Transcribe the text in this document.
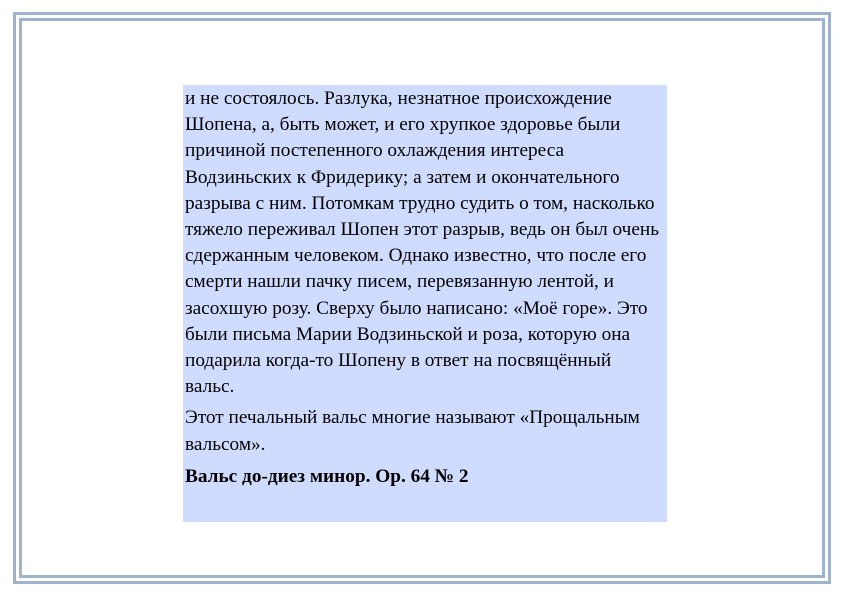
и не состоялось. Разлука, незнатное происхождение Шопена, а, быть может, и его хрупкое здоровье были причиной постепенного охлаждения интереса Водзиньских к Фридерику; а затем и окончательного разрыва с ним. Потомкам трудно судить о том, насколько тяжело переживал Шопен этот разрыв, ведь он был очень сдержанным человеком. Однако известно, что после его смерти нашли пачку писем, перевязанную лентой, и засохшую розу. Сверху было написано: «Моё горе». Это были письма Марии Водзиньской и роза, которую она подарила когда-то Шопену в ответ на посвящённый вальс.

Этот печальный вальс многие называют «Прощальным вальсом».

Вальс до-диез минор. Ор. 64 № 2
